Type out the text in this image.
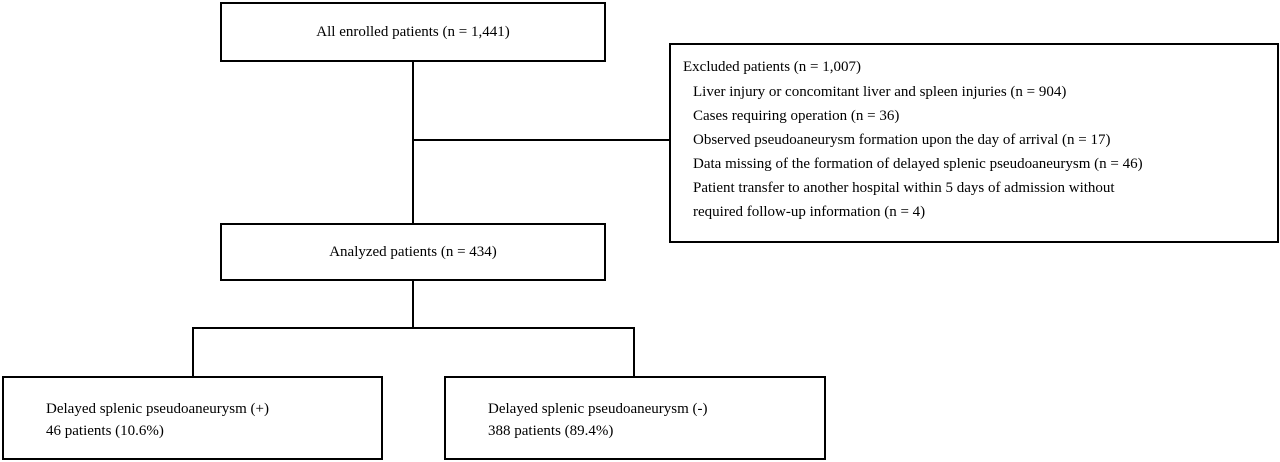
All enrolled patients (n = 1,441)
Excluded patients (n = 1,007)
Liver injury or concomitant liver and spleen injuries (n = 904)
Cases requiring operation (n = 36)
Observed pseudoaneurysm formation upon the day of arrival (n = 17)
Data missing of the formation of delayed splenic pseudoaneurysm (n = 46)
Patient transfer to another hospital within 5 days of admission without
required follow-up information (n = 4)
Analyzed patients (n = 434)
Delayed splenic pseudoaneurysm (+)
46 patients (10.6%)
Delayed splenic pseudoaneurysm (-)
388 patients (89.4%)
